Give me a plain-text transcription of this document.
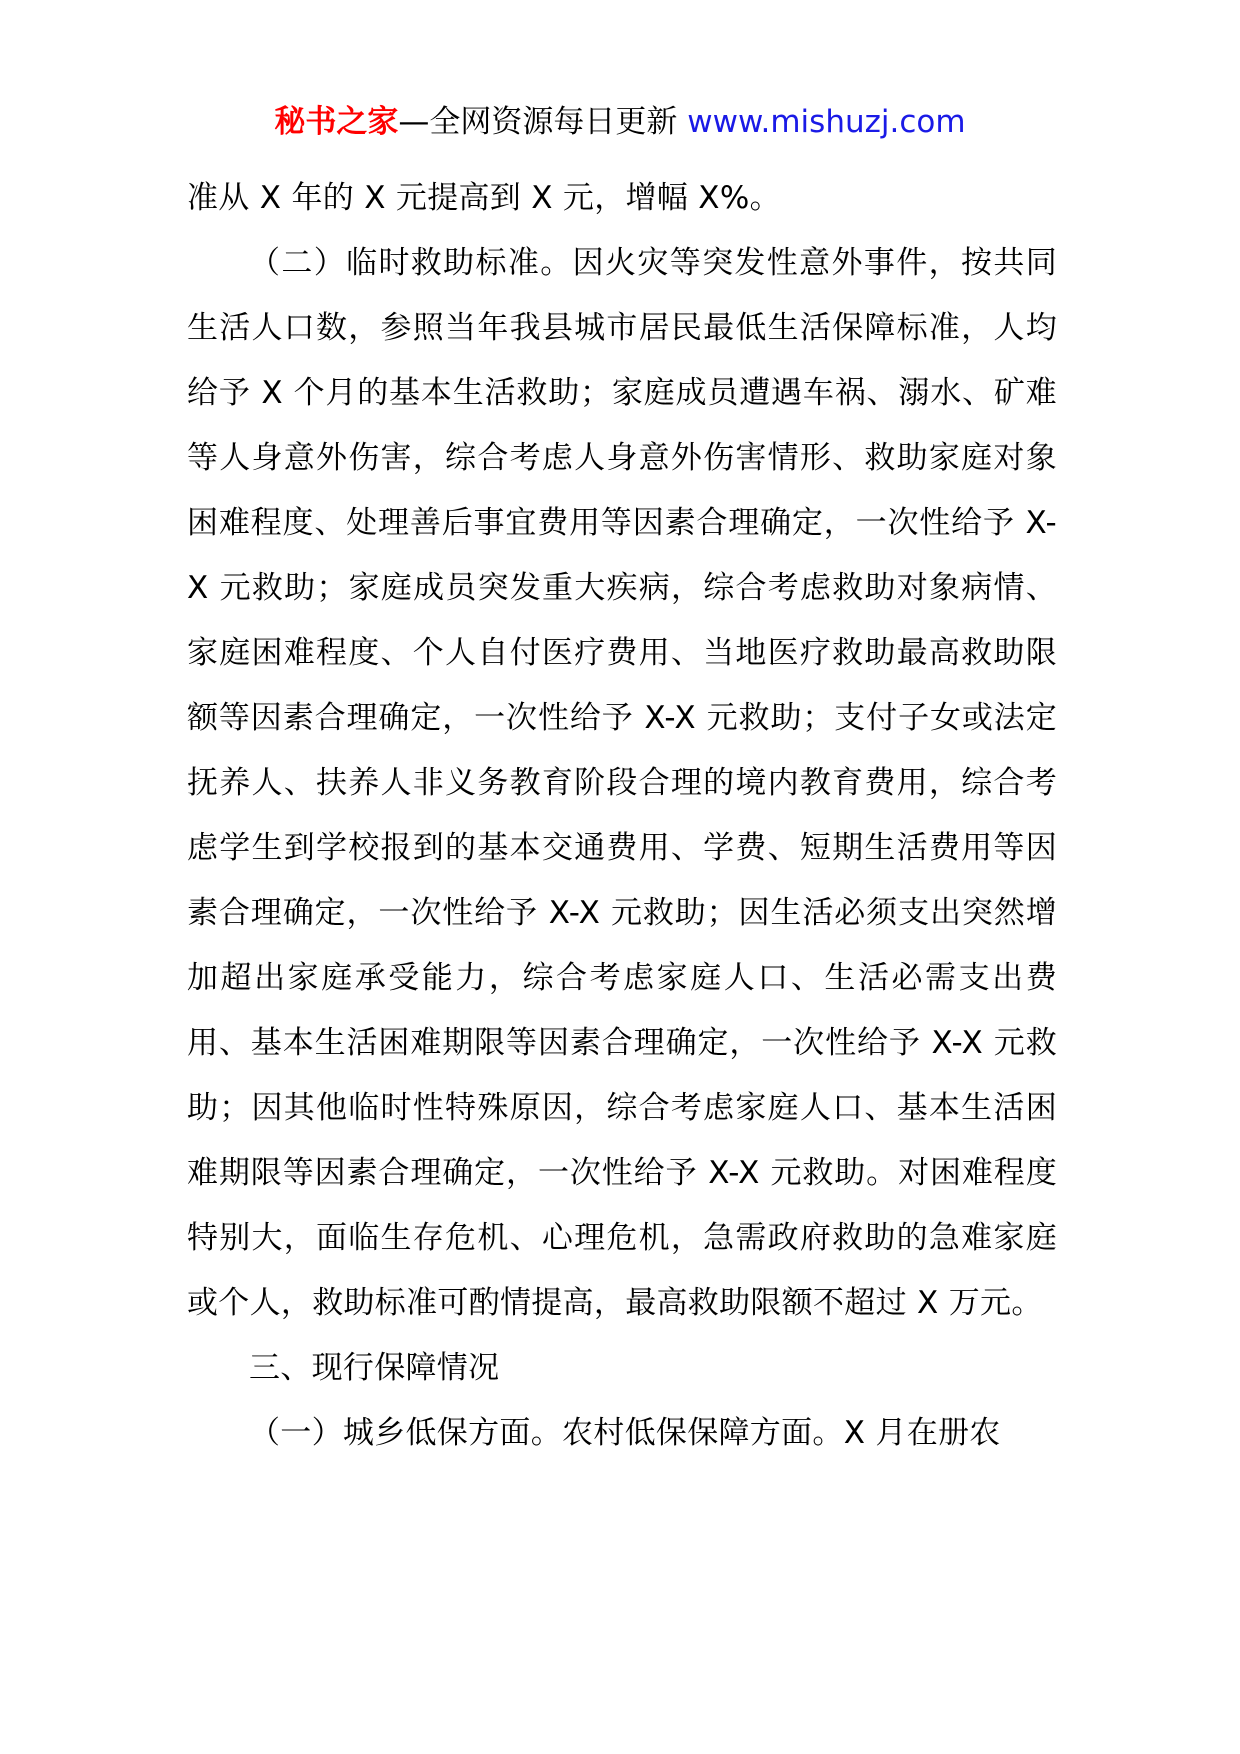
秘书之家—全网资源每日更新 www.mishuzj.com

准从 X 年的 X 元提高到 X 元，增幅 X%。

（二）临时救助标准。因火灾等突发性意外事件，按共同生活人口数，参照当年我县城市居民最低生活保障标准，人均给予 X 个月的基本生活救助；家庭成员遭遇车祸、溺水、矿难等人身意外伤害，综合考虑人身意外伤害情形、救助家庭对象困难程度、处理善后事宜费用等因素合理确定，一次性给予 X-X 元救助；家庭成员突发重大疾病，综合考虑救助对象病情、家庭困难程度、个人自付医疗费用、当地医疗救助最高救助限额等因素合理确定，一次性给予 X-X 元救助；支付子女或法定抚养人、扶养人非义务教育阶段合理的境内教育费用，综合考虑学生到学校报到的基本交通费用、学费、短期生活费用等因素合理确定，一次性给予 X-X 元救助；因生活必须支出突然增加超出家庭承受能力，综合考虑家庭人口、生活必需支出费用、基本生活困难期限等因素合理确定，一次性给予 X-X 元救助；因其他临时性特殊原因，综合考虑家庭人口、基本生活困难期限等因素合理确定，一次性给予 X-X 元救助。对困难程度特别大，面临生存危机、心理危机，急需政府救助的急难家庭或个人，救助标准可酌情提高，最高救助限额不超过 X 万元。

三、现行保障情况

（一）城乡低保方面。农村低保保障方面。X 月在册农
